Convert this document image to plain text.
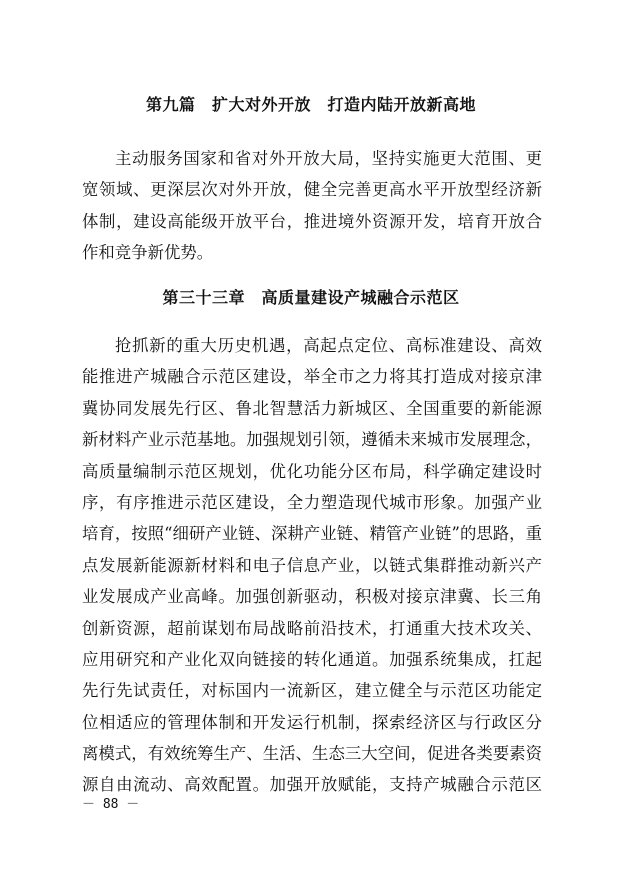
第九篇　扩大对外开放　打造内陆开放新高地
主动服务国家和省对外开放大局，坚持实施更大范围、更
宽领域、更深层次对外开放，健全完善更高水平开放型经济新
体制，建设高能级开放平台，推进境外资源开发，培育开放合
作和竞争新优势。
第三十三章　高质量建设产城融合示范区
抢抓新的重大历史机遇，高起点定位、高标准建设、高效
能推进产城融合示范区建设，举全市之力将其打造成对接京津
冀协同发展先行区、鲁北智慧活力新城区、全国重要的新能源
新材料产业示范基地。加强规划引领，遵循未来城市发展理念，
高质量编制示范区规划，优化功能分区布局，科学确定建设时
序，有序推进示范区建设，全力塑造现代城市形象。加强产业
培育，按照“细研产业链、深耕产业链、精管产业链”的思路，重
点发展新能源新材料和电子信息产业，以链式集群推动新兴产
业发展成产业高峰。加强创新驱动，积极对接京津冀、长三角
创新资源，超前谋划布局战略前沿技术，打通重大技术攻关、
应用研究和产业化双向链接的转化通道。加强系统集成，扛起
先行先试责任，对标国内一流新区，建立健全与示范区功能定
位相适应的管理体制和开发运行机制，探索经济区与行政区分
离模式，有效统筹生产、生活、生态三大空间，促进各类要素资
源自由流动、高效配置。加强开放赋能，支持产城融合示范区
－ 88 －
